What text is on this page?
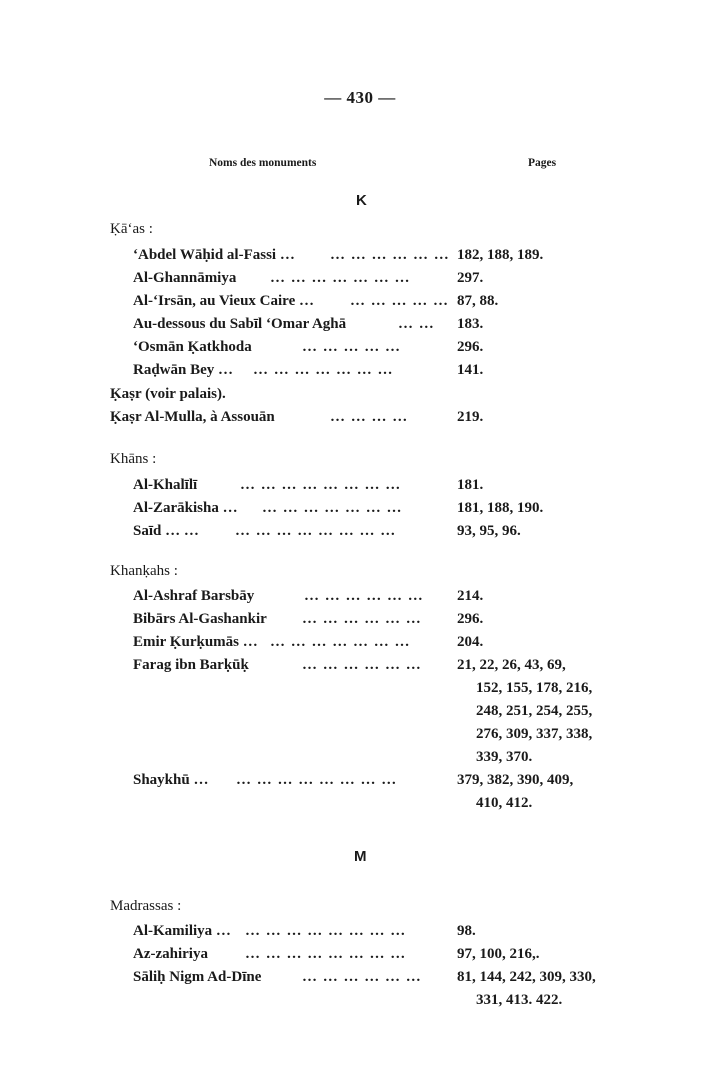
— 430 —
Noms des monuments	Pages
K
Ḳā‘as :
‘Abdel Wāḥid al-Fassi … … … … … … … 182, 188, 189.
Al-Ghannāmiya … … … … … … …	297.
Al-‘Irsān, au Vieux Caire … … … … … … 87, 88.
Au-dessous du Sabīl ‘Omar Aghā	… … 183.
‘Osmān Ḳatkhoda	… … … … …	296.
Raḍwān Bey … … … … … … … …	141.
Ḳaṣr (voir palais).
Ḳaṣr Al-Mulla, à Assouān	… … … …	219.
Khāns :
Al-Khalīlī	… … … … … … … …	181.
Al-Zarākisha … … … … … … … …	181, 188, 190.
Saīd … … … … … … … … … …	93, 95, 96.
Khanḳahs :
Al-Ashraf Barsbāy	… … … … … … 214.
Bibārs Al-Gashankir … … … … … … 296.
Emir Ḳurḳumās … … … … … … … …	204.
Farag ibn Barḳūḳ	… … … … … … 21, 22, 26, 43, 69,
152, 155, 178, 216,
248, 251, 254, 255,
276, 309, 337, 338,
339, 370.
Shaykhū … … … … … … … … …	379, 382, 390, 409,
410, 412.
M
Madrassas :
Al-Kamiliya … … … … … … … … …	98.
Az-zahiriya … … … … … … … …	97, 100, 216,.
Sāliḥ Nigm Ad-Dīne	… … … … … … 81, 144, 242, 309, 330,
331, 413. 422.
